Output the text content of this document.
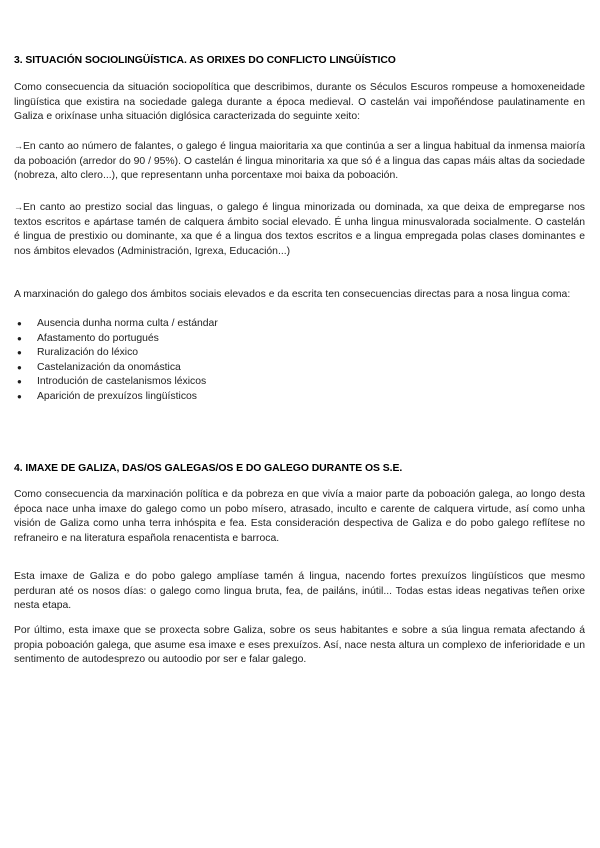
3. SITUACIÓN SOCIOLINGÜÍSTICA. AS ORIXES DO CONFLICTO LINGÜÍSTICO

Como consecuencia da situación sociopolítica que describimos, durante os Séculos Escuros rompeuse a homoxeneidade lingüística que existira na sociedade galega durante a época medieval. O castelán vai impoñéndose paulatinamente en Galiza e orixínase unha situación diglósica caracterizada do seguinte xeito:

→En canto ao número de falantes, o galego é lingua maioritaria xa que continúa a ser a lingua habitual da inmensa maioría da poboación (arredor do 90 / 95%). O castelán é lingua minoritaria xa que só é a lingua das capas máis altas da sociedade (nobreza, alto clero...), que representann unha porcentaxe moi baixa da poboación.

→En canto ao prestizo social das linguas, o galego é lingua minorizada ou dominada, xa que deixa de empregarse nos textos escritos e apártase tamén de calquera ámbito social elevado. É unha lingua minusvalorada socialmente. O castelán é lingua de prestixio ou dominante, xa que é a lingua dos textos escritos e a lingua empregada polas clases dominantes e nos ámbitos elevados (Administración, Igrexa, Educación...)

A marxinación do galego dos ámbitos sociais elevados e da escrita ten consecuencias directas para a nosa lingua coma:

● Ausencia dunha norma culta / estándar
● Afastamento do portugués
● Ruralización do léxico
● Castelanización da onomástica
● Introdución de castelanismos léxicos
● Aparición de prexuízos lingüísticos
4. IMAXE DE GALIZA, DAS/OS GALEGAS/OS E DO GALEGO DURANTE OS S.E.

Como consecuencia da marxinación política e da pobreza en que vivía a maior parte da poboación galega, ao longo desta época nace unha imaxe do galego como un pobo mísero, atrasado, inculto e carente de calquera virtude, así como unha visión de Galiza como unha terra inhóspita e fea. Esta consideración despectiva de Galiza e do pobo galego reflítese no refraneiro e na literatura española renacentista e barroca.

Esta imaxe de Galiza e do pobo galego amplíase tamén á lingua, nacendo fortes prexuízos lingüísticos que mesmo perduran até os nosos días: o galego como lingua bruta, fea, de pailáns, inútil... Todas estas ideas negativas teñen orixe nesta etapa.

Por último, esta imaxe que se proxecta sobre Galiza, sobre os seus habitantes e sobre a súa lingua remata afectando á propia poboación galega, que asume esa imaxe e eses prexuízos. Así, nace nesta altura un complexo de inferioridade e un sentimento de autodesprezo ou autoodio por ser e falar galego.
